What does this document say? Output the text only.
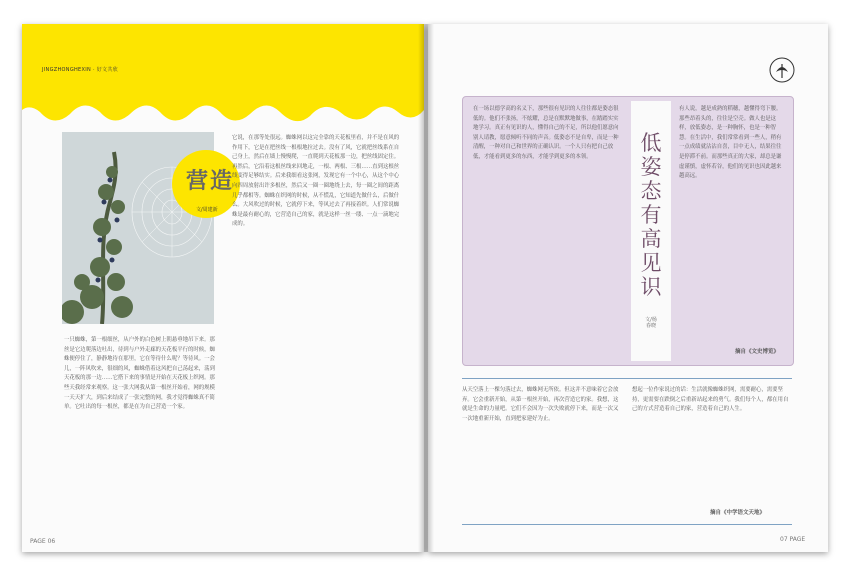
JINGZHONGHEXIN · 好文共欣
营造
文/周建新
它说，在那等处很远。蜘蛛网以这完全靠的天花板里看，并不是在风的作用下，它是在把丝线一根根地拉过去。没有了风，它就把丝线系在自己身上，然后在墙上慢慢爬，一直爬到天花板那一边，把丝线固定住。再然后，它沿着这根丝线来回地走，一根、两根、三根……直到这根丝线变得足够结实。后来我细看这张网，发现它有一个中心，从这个中心向四周放射出许多根丝，然后又一圈一圈地绕上去，每一圈之间的距离几乎都相等。蜘蛛在织网的时候，从不慌乱，它知道先做什么，后做什么。大风吹过的时候，它就停下来，等风过去了再接着织。人们常说蜘蛛是最有耐心的，它营造自己的家，就是这样一丝一缕、一点一滴地完成的。
一只蜘蛛，第一根细丝，从户外的白色树上朝悬垂地吊下来。那丝是它边爬落边吐出，待到与户外走廊的天花板平行的时候，蜘蛛便停住了，静静地待在那里，它在等待什么呢？等待风。一会儿，一阵风吹来，很细的风，蜘蛛借着这风把自己荡起来，荡到天花板的那一边……它搭下来的事情是开始在天花板上织网。那些天我经常来观察。这一张大网我从第一根丝开始看，网的规模一天天扩大，到后来结成了一张完整的网，我才觉得蜘蛛真不简单。它吐出的每一根丝，都是在为自己营造一个家。
PAGE 06
在一场以德学高的名义下，那些很有见识的人往往都是姿态很低的。他们不张扬，不炫耀，总是在默默地做事，在踏踏实实地学习。真正有见识的人，懂得自己的不足，所以他们愿意向别人请教，愿意倾听不同的声音。低姿态不是自卑，而是一种清醒，一种对自己和世界的正确认识。一个人只有把自己放低，才能看到更多的东西，才能学到更多的本领。
低姿态有高见识
文/杨春晓
有人说，越是成熟的稻穗，越懂得弯下腰。那些昂着头的，往往是空壳。做人也是这样，放低姿态，是一种胸怀，也是一种智慧。在生活中，我们常常看到一些人，稍有一点成绩就沾沾自喜，目中无人，结果往往是停滞不前。而那些真正的大家，却总是谦虚谨慎，虚怀若谷，他们的见识也因此越来越高远。
摘自《文史博览》
从天空落上一棵匀落过去，蜘蛛网无所依。但这并不意味着它会放弃。它会重新开始，从第一根丝开始，再次营造它的家。我想，这就是生命的力量吧。它们不会因为一次失败就停下来，而是一次又一次地重新开始，直到把家建好为止。
想起一位作家说过的话：生活就像蜘蛛织网，需要耐心，需要坚持，更需要在跌倒之后重新站起来的勇气。我们每个人，都在用自己的方式营造着自己的家，营造着自己的人生。
摘自《中学语文天地》
07 PAGE
